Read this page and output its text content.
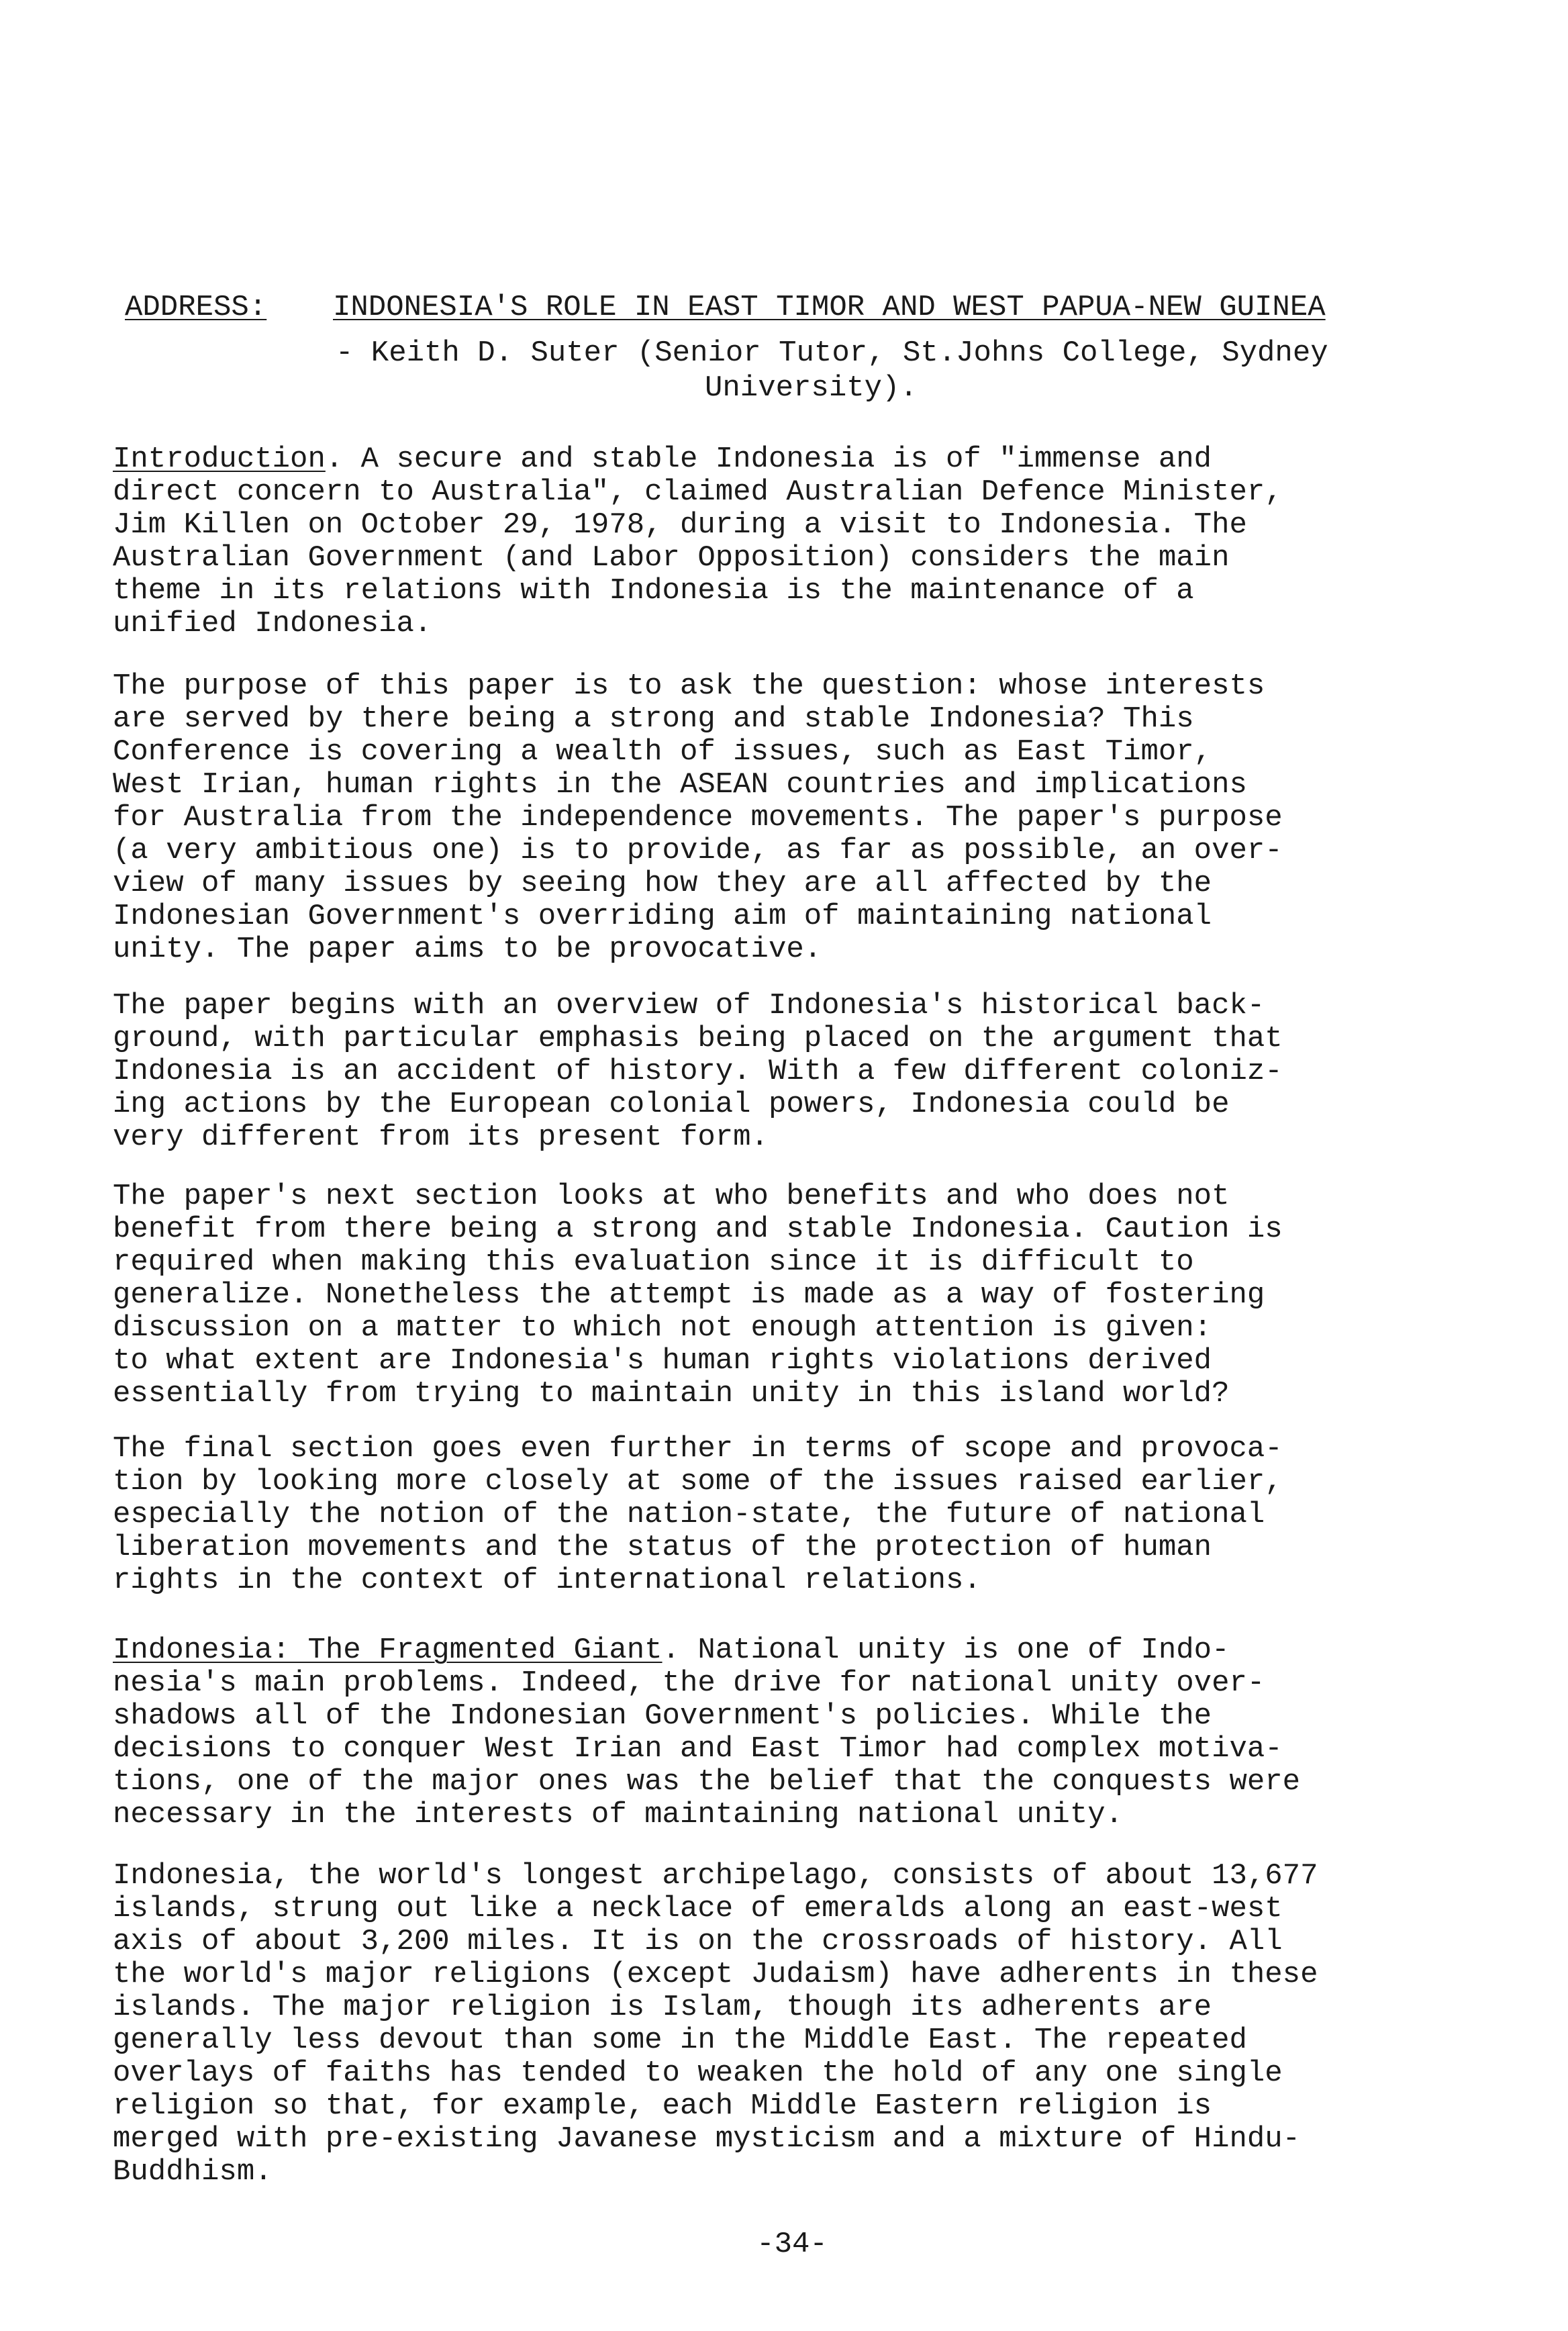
ADDRESS: INDONESIA'S ROLE IN EAST TIMOR AND WEST PAPUA-NEW GUINEA
- Keith D. Suter (Senior Tutor, St.Johns College, Sydney
University).

Introduction. A secure and stable Indonesia is of "immense and
direct concern to Australia", claimed Australian Defence Minister,
Jim Killen on October 29, 1978, during a visit to Indonesia. The
Australian Government (and Labor Opposition) considers the main
theme in its relations with Indonesia is the maintenance of a
unified Indonesia.

The purpose of this paper is to ask the question: whose interests
are served by there being a strong and stable Indonesia? This
Conference is covering a wealth of issues, such as East Timor,
West Irian, human rights in the ASEAN countries and implications
for Australia from the independence movements. The paper's purpose
(a very ambitious one) is to provide, as far as possible, an over-
view of many issues by seeing how they are all affected by the
Indonesian Government's overriding aim of maintaining national
unity. The paper aims to be provocative.

The paper begins with an overview of Indonesia's historical back-
ground, with particular emphasis being placed on the argument that
Indonesia is an accident of history. With a few different coloniz-
ing actions by the European colonial powers, Indonesia could be
very different from its present form.

The paper's next section looks at who benefits and who does not
benefit from there being a strong and stable Indonesia. Caution is
required when making this evaluation since it is difficult to
generalize. Nonetheless the attempt is made as a way of fostering
discussion on a matter to which not enough attention is given:
to what extent are Indonesia's human rights violations derived
essentially from trying to maintain unity in this island world?

The final section goes even further in terms of scope and provoca-
tion by looking more closely at some of the issues raised earlier,
especially the notion of the nation-state, the future of national
liberation movements and the status of the protection of human
rights in the context of international relations.

Indonesia: The Fragmented Giant. National unity is one of Indo-
nesia's main problems. Indeed, the drive for national unity over-
shadows all of the Indonesian Government's policies. While the
decisions to conquer West Irian and East Timor had complex motiva-
tions, one of the major ones was the belief that the conquests were
necessary in the interests of maintaining national unity.

Indonesia, the world's longest archipelago, consists of about 13,677
islands, strung out like a necklace of emeralds along an east-west
axis of about 3,200 miles. It is on the crossroads of history. All
the world's major religions (except Judaism) have adherents in these
islands. The major religion is Islam, though its adherents are
generally less devout than some in the Middle East. The repeated
overlays of faiths has tended to weaken the hold of any one single
religion so that, for example, each Middle Eastern religion is
merged with pre-existing Javanese mysticism and a mixture of Hindu-
Buddhism.

-34-
